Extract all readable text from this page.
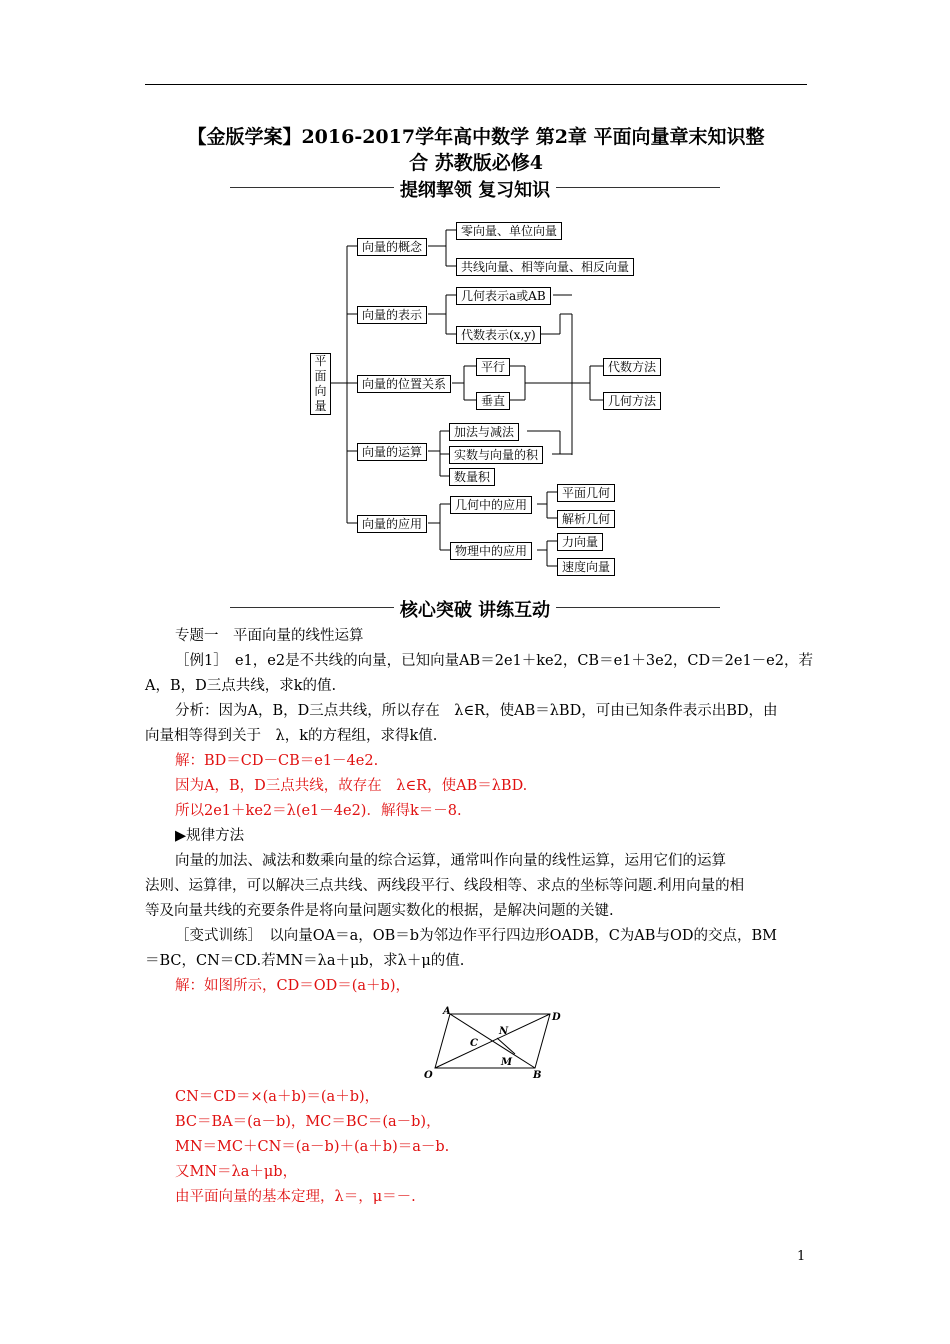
【金版学案】2016-2017学年高中数学 第2章 平面向量章末知识整
合 苏教版必修4
提纲挈领 复习知识
平面向量
向量的概念
零向量、单位向量
共线向量、相等向量、相反向量
向量的表示
几何表示a或AB
代数表示(x,y)
向量的位置关系
平行
垂直
代数方法
几何方法
向量的运算
加法与减法
实数与向量的积
数量积
向量的应用
几何中的应用
物理中的应用
平面几何
解析几何
力向量
速度向量
核心突破 讲练互动
专题一　平面向量的线性运算
［例1］　e1，e2是不共线的向量，已知向量AB＝2e1＋ke2，CB＝e1＋3e2，CD＝2e1－e2，若
A，B，D三点共线，求k的值.
分析：因为A，B，D三点共线，所以存在　λ∈R，使AB＝λBD，可由已知条件表示出BD，由
向量相等得到关于　λ，k的方程组，求得k值.
解：BD＝CD－CB＝e1－4e2.
因为A，B，D三点共线，故存在　λ∈R，使AB＝λBD.
所以2e1＋ke2＝λ(e1－4e2)．解得k＝－8.
▶规律方法
向量的加法、减法和数乘向量的综合运算，通常叫作向量的线性运算，运用它们的运算
法则、运算律，可以解决三点共线、两线段平行、线段相等、求点的坐标等问题.利用向量的相
等及向量共线的充要条件是将向量问题实数化的根据，是解决问题的关键.
［变式训练］　以向量OA＝a，OB＝b为邻边作平行四边形OADB，C为AB与OD的交点，BM
＝BC，CN＝CD.若MN＝λa＋μb，求λ＋μ的值.
解：如图所示，CD＝OD＝(a＋b)，
A
D
N
C
M
O	B
CN＝CD＝×(a＋b)＝(a＋b)，
BC＝BA＝(a－b)，MC＝BC＝(a－b)，
MN＝MC＋CN＝(a－b)＋(a＋b)＝a－b.
又MN＝λa＋μb，
由平面向量的基本定理，λ＝，μ＝－.
1
